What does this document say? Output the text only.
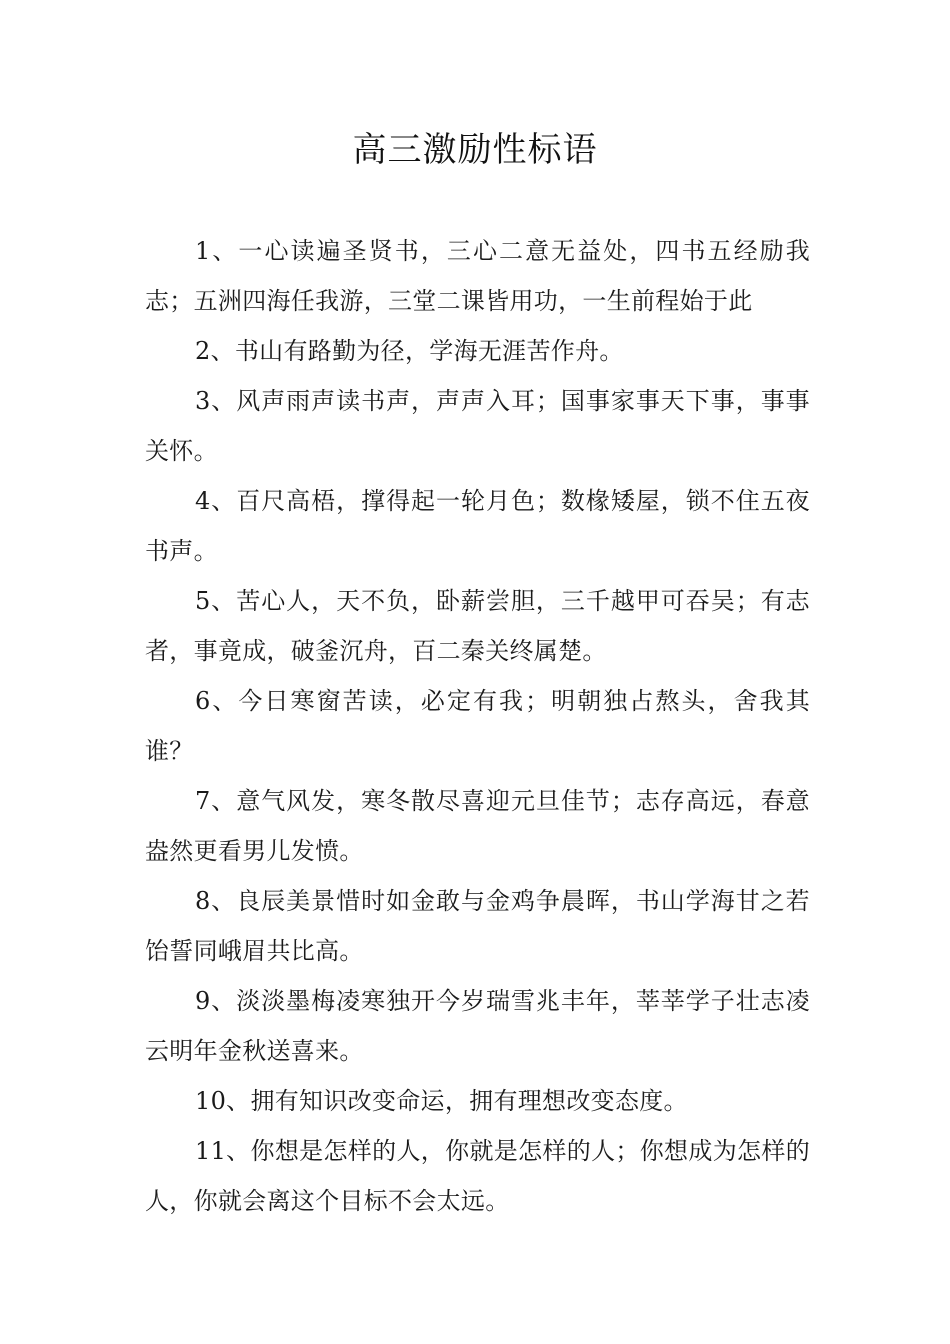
高三激励性标语

1、一心读遍圣贤书，三心二意无益处，四书五经励我志；五洲四海任我游，三堂二课皆用功，一生前程始于此

2、书山有路勤为径，学海无涯苦作舟。

3、风声雨声读书声，声声入耳；国事家事天下事，事事关怀。

4、百尺高梧，撑得起一轮月色；数椽矮屋，锁不住五夜书声。

5、苦心人，天不负，卧薪尝胆，三千越甲可吞吴；有志者，事竟成，破釜沉舟，百二秦关终属楚。

6、今日寒窗苦读，必定有我；明朝独占熬头，舍我其谁？

7、意气风发，寒冬散尽喜迎元旦佳节；志存高远，春意盎然更看男儿发愤。

8、良辰美景惜时如金敢与金鸡争晨晖，书山学海甘之若饴誓同峨眉共比高。

9、淡淡墨梅凌寒独开今岁瑞雪兆丰年，莘莘学子壮志凌云明年金秋送喜来。

10、拥有知识改变命运，拥有理想改变态度。

11、你想是怎样的人，你就是怎样的人；你想成为怎样的人，你就会离这个目标不会太远。
